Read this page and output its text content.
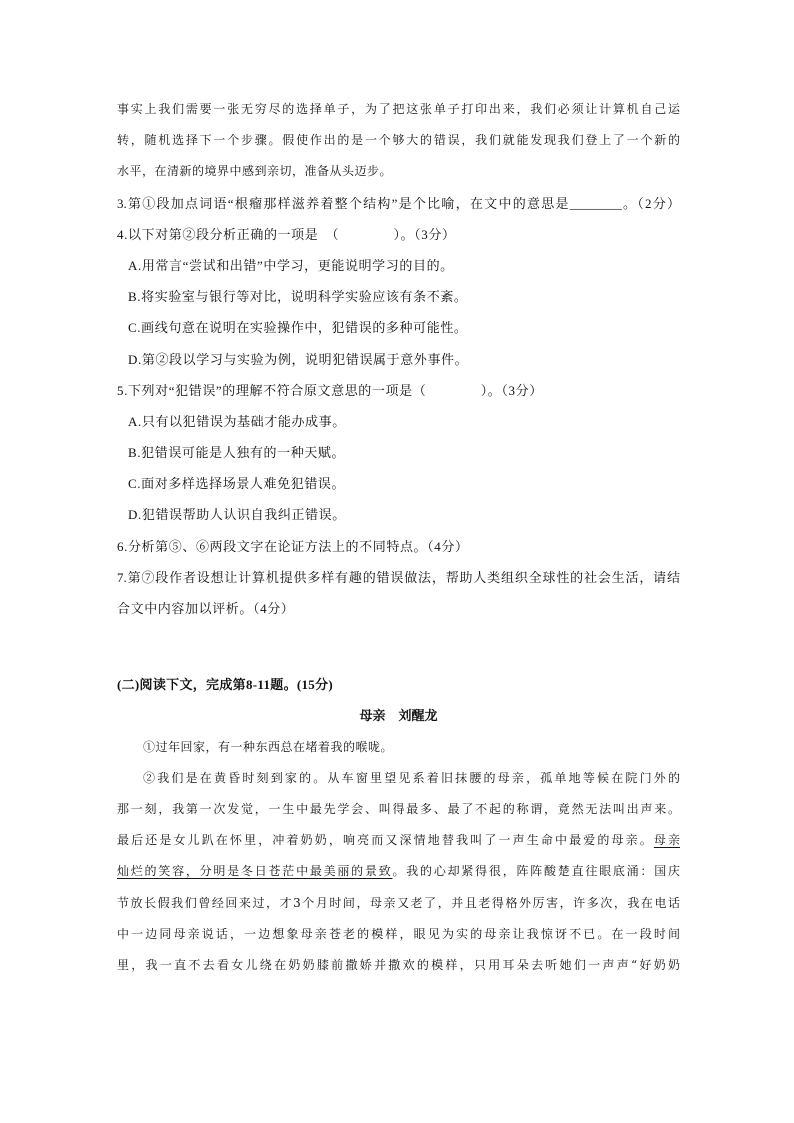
事实上我们需要一张无穷尽的选择单子，为了把这张单子打印出来，我们必须让计算机自己运
转，随机选择下一个步骤。假使作出的是一个够大的错误，我们就能发现我们登上了一个新的
水平，在清新的境界中感到亲切，准备从头迈步。
3.第①段加点词语“根瘤那样滋养着整个结构”是个比喻，在文中的意思是________。（2分）
4.以下对第②段分析正确的一项是　（　　　　）。（3分）
A.用常言“尝试和出错”中学习，更能说明学习的目的。
B.将实验室与银行等对比，说明科学实验应该有条不紊。
C.画线句意在说明在实验操作中，犯错误的多种可能性。
D.第②段以学习与实验为例，说明犯错误属于意外事件。
5.下列对“犯错误”的理解不符合原文意思的一项是（　　　　）。（3分）
A.只有以犯错误为基础才能办成事。
B.犯错误可能是人独有的一种天赋。
C.面对多样选择场景人难免犯错误。
D.犯错误帮助人认识自我纠正错误。
6.分析第⑤、⑥两段文字在论证方法上的不同特点。（4分）
7.第⑦段作者设想让计算机提供多样有趣的错误做法，帮助人类组织全球性的社会生活，请结
合文中内容加以评析。（4分）
(二)阅读下文，完成第8-11题。(15分)
母亲 刘醒龙
①过年回家，有一种东西总在堵着我的喉咙。
②我们是在黄昏时刻到家的。从车窗里望见系着旧抹腰的母亲，孤单地等候在院门外的
那一刻，我第一次发觉，一生中最先学会、叫得最多、最了不起的称谓，竟然无法叫出声来。
最后还是女儿趴在怀里，冲着奶奶，响亮而又深情地替我叫了一声生命中最爱的母亲。母亲
灿烂的笑容，分明是冬日苍茫中最美丽的景致。我的心却紧得很，阵阵酸楚直往眼底涌：国庆
节放长假我们曾经回来过，才3个月时间，母亲又老了，并且老得格外厉害，许多次，我在电话
中一边同母亲说话，一边想象母亲苍老的模样，眼见为实的母亲让我惊讶不已。在一段时间
里，我一直不去看女儿绕在奶奶膝前撒娇并撒欢的模样，只用耳朵去听她们一声声“好奶奶
